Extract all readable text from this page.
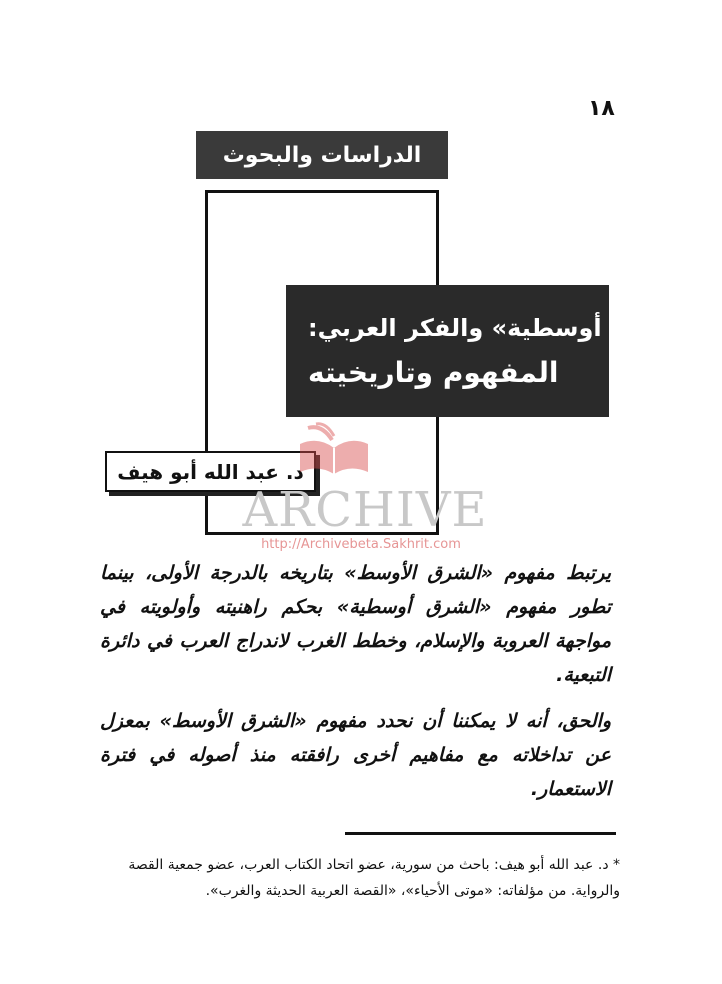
١٨
الدراسات والبحوث
«الشرق أوسطية» والفكر العربي:
المفهوم وتاريخيته
د. عبد الله أبو هيف
ARCHIVE
http://Archivebeta.Sakhrit.com

يرتبط مفهوم «الشرق الأوسط» بتاريخه بالدرجة الأولى، بينما تطور مفهوم «الشرق أوسطية» بحكم راهنيته وأولويته في مواجهة العروبة والإسلام، وخطط الغرب لاندراج العرب في دائرة التبعية.

والحق، أنه لا يمكننا أن نحدد مفهوم «الشرق الأوسط» بمعزل عن تداخلاته مع مفاهيم أخرى رافقته منذ أصوله في فترة الاستعمار.

* د. عبد الله أبو هيف: باحث من سورية، عضو اتحاد الكتاب العرب، عضو جمعية القصة
والرواية. من مؤلفاته: «موتى الأحياء»، «القصة العربية الحديثة والغرب».
